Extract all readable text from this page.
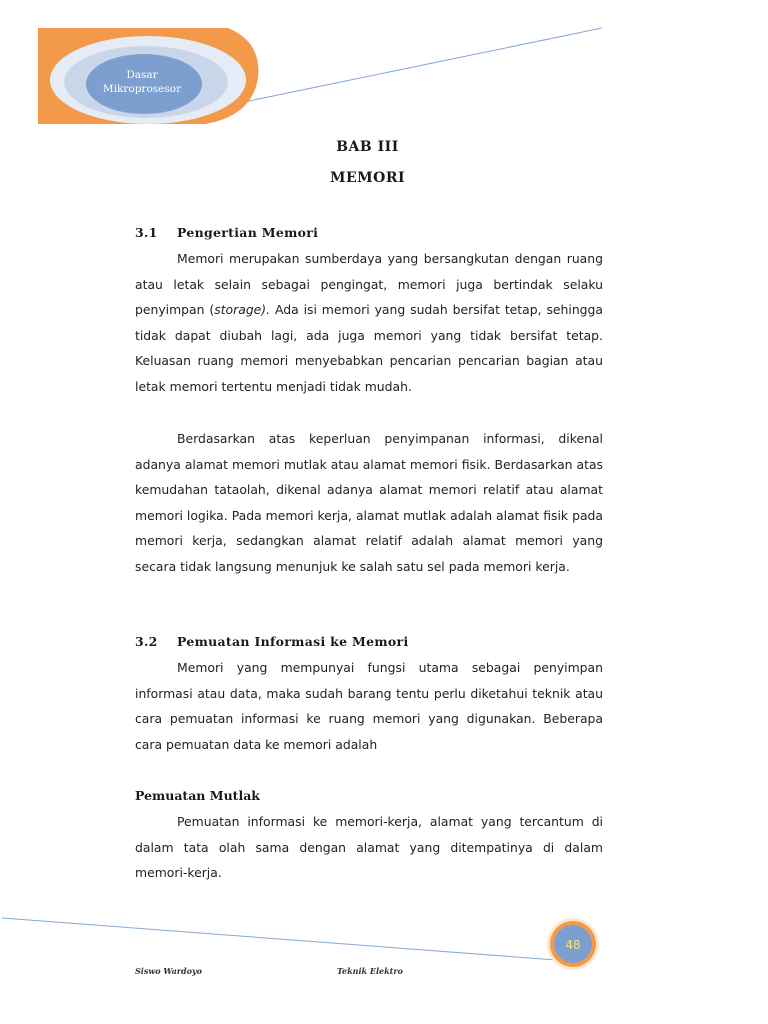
Dasar
Mikroprosesor
BAB III
MEMORI
3.1 Pengertian Memori

Memori merupakan sumberdaya yang bersangkutan dengan ruang atau letak selain sebagai pengingat, memori juga bertindak selaku penyimpan (storage). Ada isi memori yang sudah bersifat tetap, sehingga tidak dapat diubah lagi, ada juga memori yang tidak bersifat tetap. Keluasan ruang memori menyebabkan pencarian pencarian bagian atau letak memori tertentu menjadi tidak mudah.

Berdasarkan atas keperluan penyimpanan informasi, dikenal adanya alamat memori mutlak atau alamat memori fisik. Berdasarkan atas kemudahan tataolah, dikenal adanya alamat memori relatif atau alamat memori logika. Pada memori kerja, alamat mutlak adalah alamat fisik pada memori kerja, sedangkan alamat relatif adalah alamat memori yang secara tidak langsung menunjuk ke salah satu sel pada memori kerja.

3.2 Pemuatan Informasi ke Memori

Memori yang mempunyai fungsi utama sebagai penyimpan informasi atau data, maka sudah barang tentu perlu diketahui teknik atau cara pemuatan informasi ke ruang memori yang digunakan. Beberapa cara pemuatan data ke memori adalah

Pemuatan Mutlak

Pemuatan informasi ke memori-kerja, alamat yang tercantum di dalam tata olah sama dengan alamat yang ditempatinya di dalam memori-kerja.

48
Siswo Wardoyo	Teknik Elektro
